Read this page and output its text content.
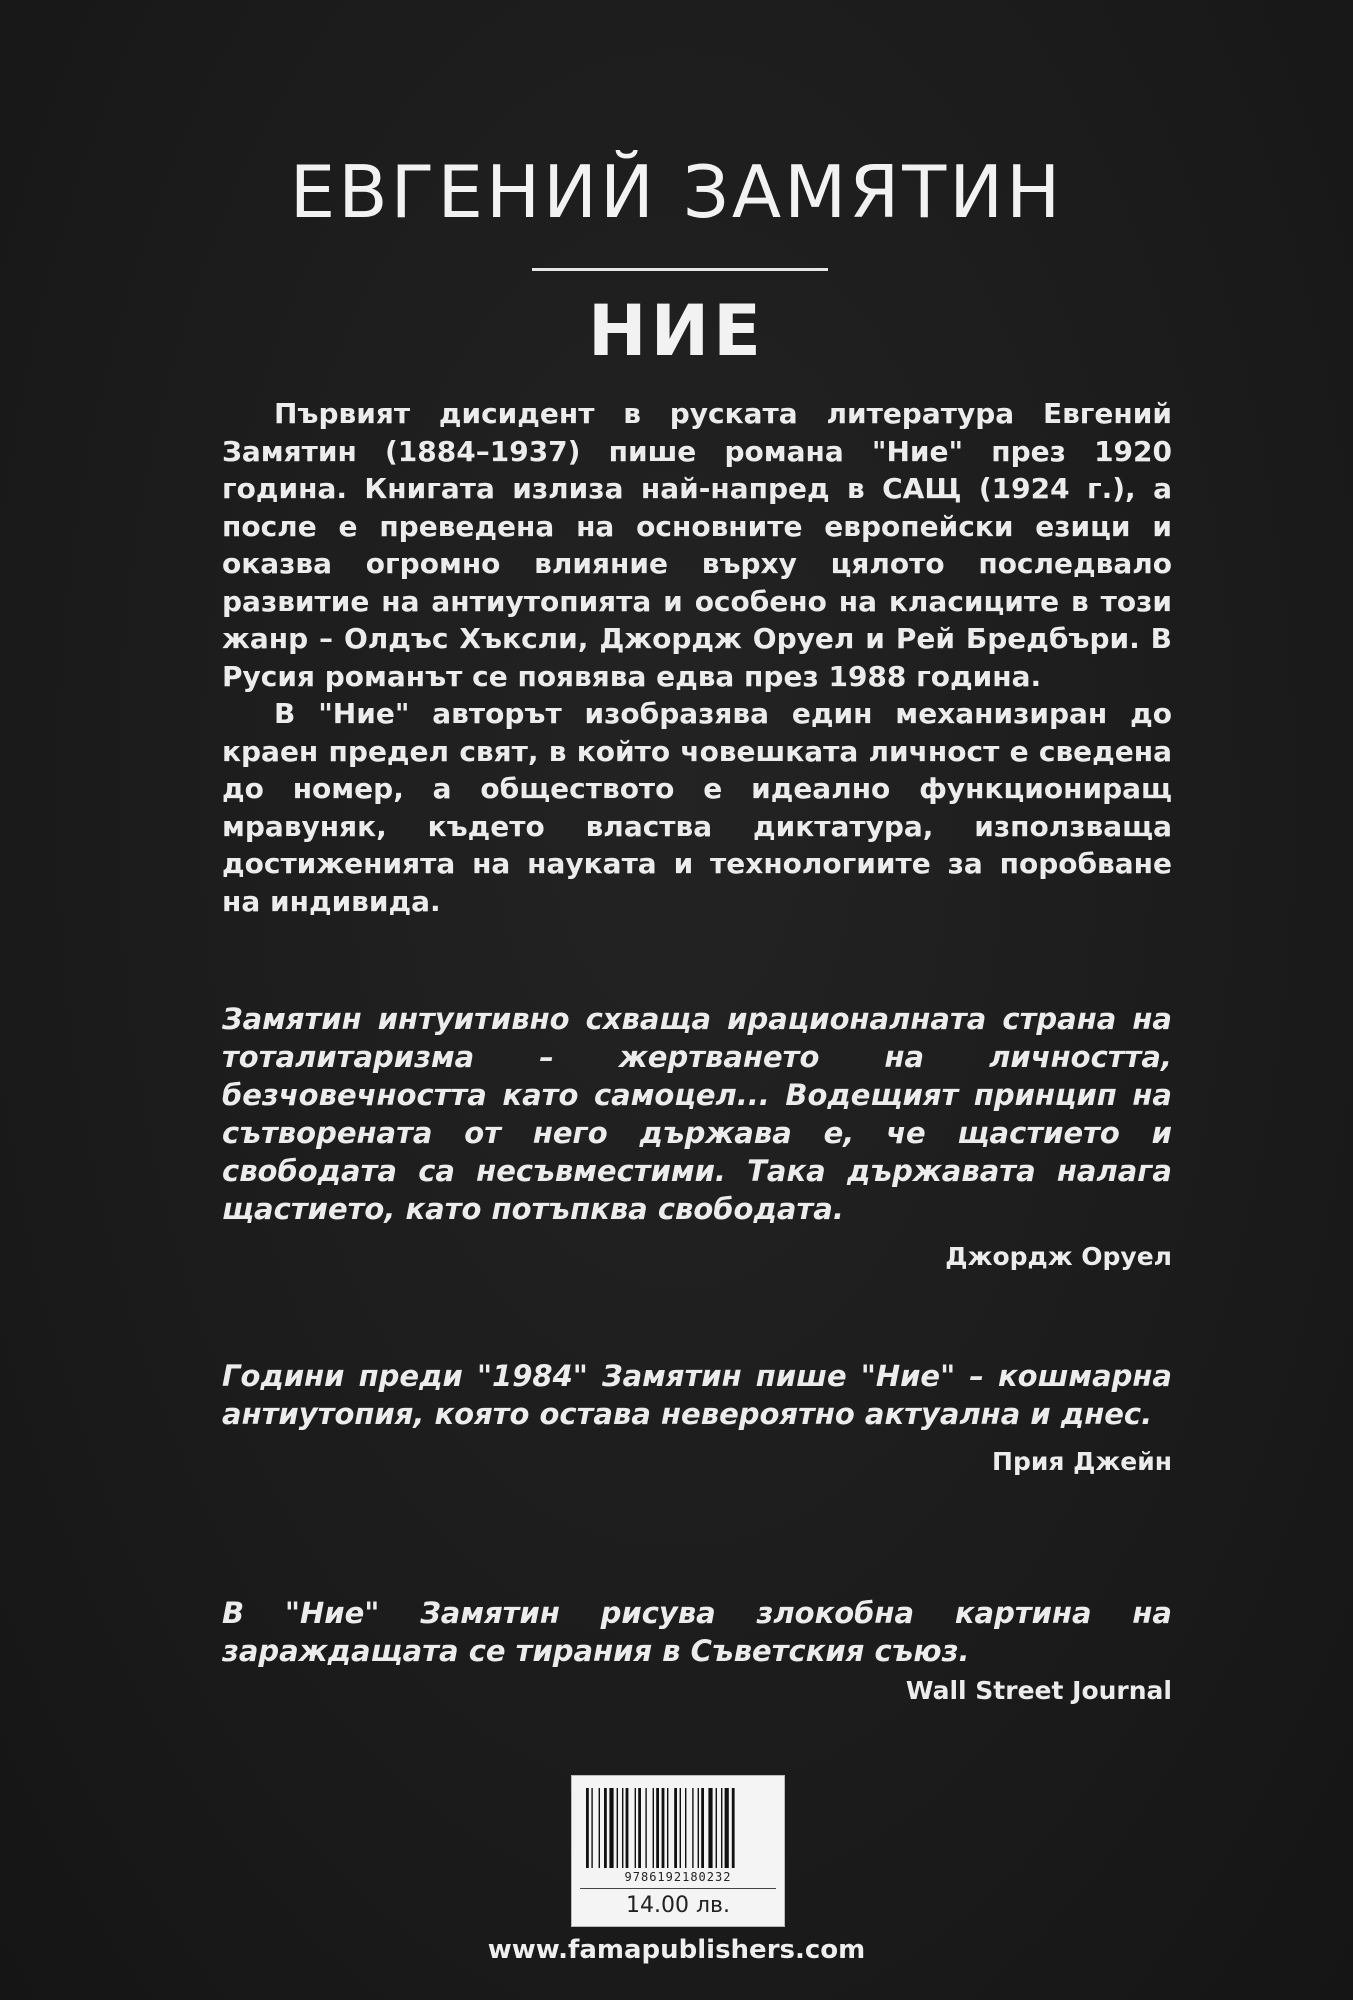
ЕВГЕНИЙ ЗАМЯТИН
НИЕ

Първият дисидент в руската литература Евгений Замятин (1884–1937) пише романа "Ние" през 1920 година. Книгата излиза най-напред в САЩ (1924 г.), а после е преведена на основните европейски езици и оказва огромно влияние върху цялото последвало развитие на антиутопията и особено на класиците в този жанр – Олдъс Хъксли, Джордж Оруел и Рей Бредбъри. В Русия романът се появява едва през 1988 година.

В "Ние" авторът изобразява един механизиран до краен предел свят, в който човешката личност е сведена до номер, а обществото е идеално функциониращ мравуняк, където властва диктатура, използваща достиженията на науката и технологиите за поробване на индивида.

Замятин интуитивно схваща ирационалната страна на тоталитаризма – жертването на личността, безчовечността като самоцел... Водещият принцип на сътворената от него държава е, че щастието и свободата са несъвместими. Така държавата налага щастието, като потъпква свободата.

Джордж Оруел

Години преди "1984" Замятин пише "Ние" – кошмарна антиутопия, която остава невероятно актуална и днес.

Прия Джейн

В "Ние" Замятин рисува злокобна картина на зараждащата се тирания в Съветския съюз.

Wall Street Journal
9786192180232
14.00 лв.
www.famapublishers.com
